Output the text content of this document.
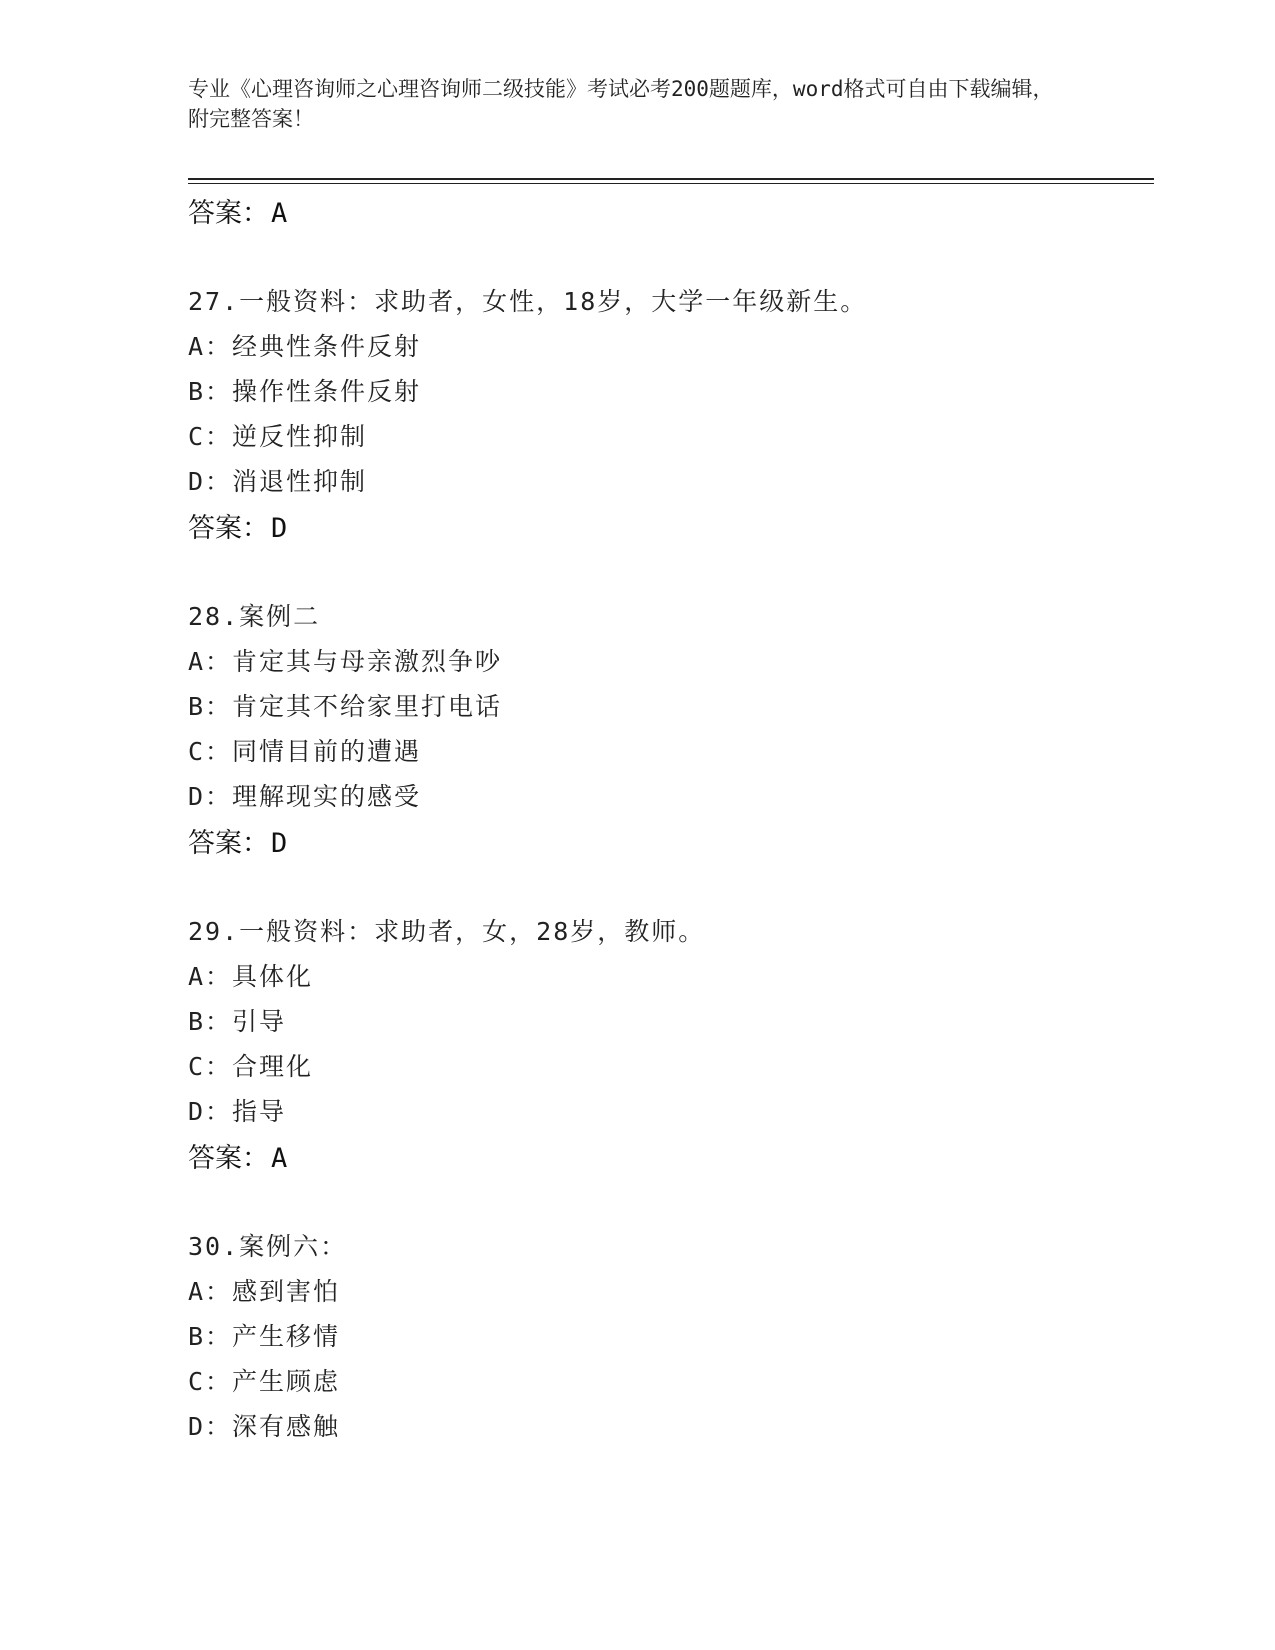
专业《心理咨询师之心理咨询师二级技能》考试必考200题题库，word格式可自由下载编辑，附完整答案！
答案：A
27.一般资料：求助者，女性，18岁，大学一年级新生。
A：经典性条件反射
B：操作性条件反射
C：逆反性抑制
D：消退性抑制
答案：D
28.案例二
A：肯定其与母亲激烈争吵
B：肯定其不给家里打电话
C：同情目前的遭遇
D：理解现实的感受
答案：D
29.一般资料：求助者，女，28岁，教师。
A：具体化
B：引导
C：合理化
D：指导
答案：A
30.案例六：
A：感到害怕
B：产生移情
C：产生顾虑
D：深有感触
